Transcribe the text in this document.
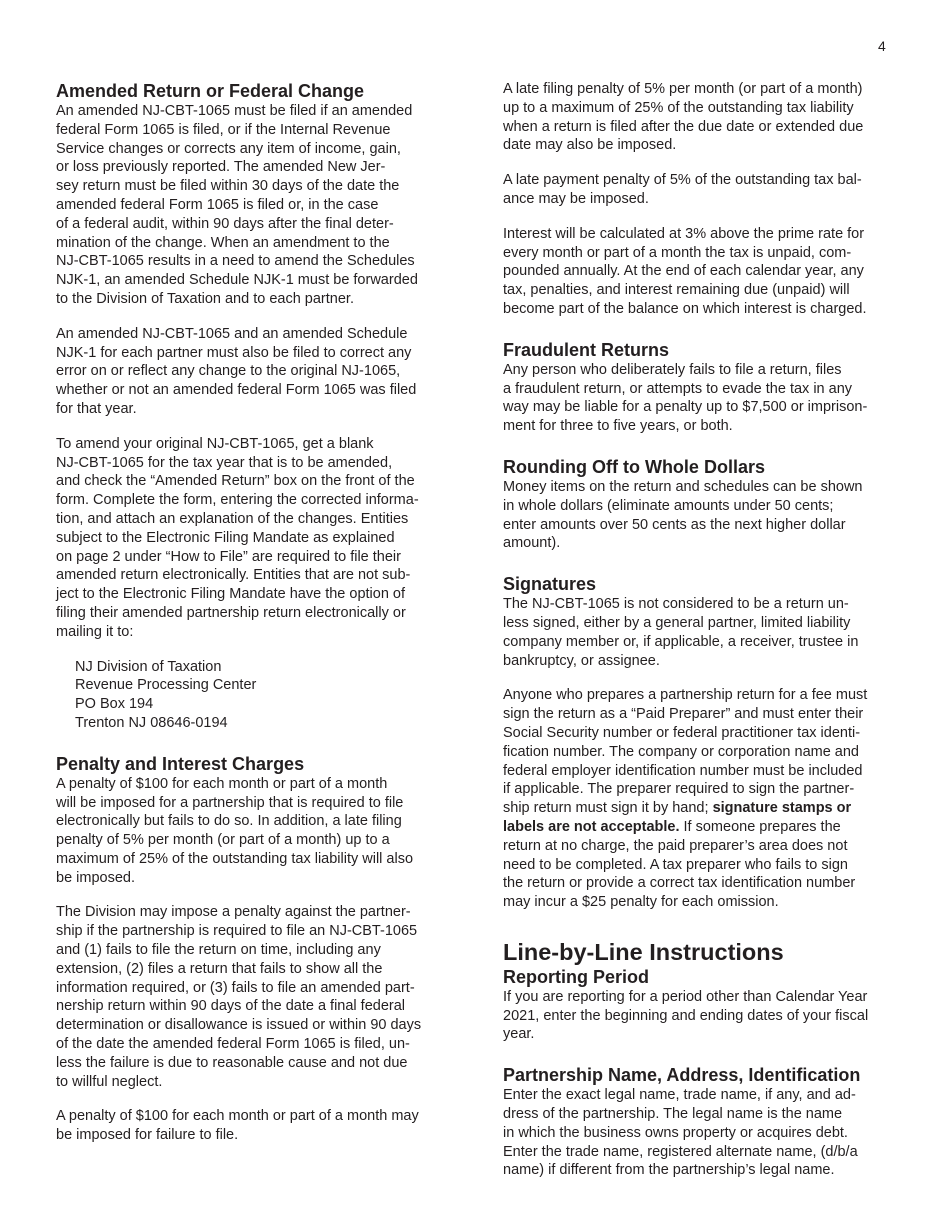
4
Amended Return or Federal Change

An amended NJ-CBT-1065 must be filed if an amended
federal Form 1065 is filed, or if the Internal Revenue
Service changes or corrects any item of income, gain,
or loss previously reported. The amended New Jer-
sey return must be filed within 30 days of the date the
amended federal Form 1065 is filed or, in the case
of a federal audit, within 90 days after the final deter-
mination of the change. When an amendment to the
NJ-CBT-1065 results in a need to amend the Schedules
NJK-1, an amended Schedule NJK-1 must be forwarded
to the Division of Taxation and to each partner.

An amended NJ-CBT-1065 and an amended Schedule
NJK-1 for each partner must also be filed to correct any
error on or reflect any change to the original NJ-1065,
whether or not an amended federal Form 1065 was filed
for that year.

To amend your original NJ-CBT-1065, get a blank
NJ-CBT-1065 for the tax year that is to be amended,
and check the “Amended Return” box on the front of the
form. Complete the form, entering the corrected informa-
tion, and attach an explanation of the changes. Entities
subject to the Electronic Filing Mandate as explained
on page 2 under “How to File” are required to file their
amended return electronically. Entities that are not sub-
ject to the Electronic Filing Mandate have the option of
filing their amended partnership return electronically or
mailing it to:

NJ Division of Taxation
Revenue Processing Center
PO Box 194
Trenton NJ 08646-0194

Penalty and Interest Charges

A penalty of $100 for each month or part of a month
will be imposed for a partnership that is required to file
electronically but fails to do so. In addition, a late filing
penalty of 5% per month (or part of a month) up to a
maximum of 25% of the outstanding tax liability will also
be imposed.

The Division may impose a penalty against the partner-
ship if the partnership is required to file an NJ-CBT-1065
and (1) fails to file the return on time, including any
extension, (2) files a return that fails to show all the
information required, or (3) fails to file an amended part-
nership return within 90 days of the date a final federal
determination or disallowance is issued or within 90 days
of the date the amended federal Form 1065 is filed, un-
less the failure is due to reasonable cause and not due
to willful neglect.

A penalty of $100 for each month or part of a month may
be imposed for failure to file.

A late filing penalty of 5% per month (or part of a month)
up to a maximum of 25% of the outstanding tax liability
when a return is filed after the due date or extended due
date may also be imposed.

A late payment penalty of 5% of the outstanding tax bal-
ance may be imposed.

Interest will be calculated at 3% above the prime rate for
every month or part of a month the tax is unpaid, com-
pounded annually. At the end of each calendar year, any
tax, penalties, and interest remaining due (unpaid) will
become part of the balance on which interest is charged.

Fraudulent Returns

Any person who deliberately fails to file a return, files
a fraudulent return, or attempts to evade the tax in any
way may be liable for a penalty up to $7,500 or imprison-
ment for three to five years, or both.

Rounding Off to Whole Dollars

Money items on the return and schedules can be shown
in whole dollars (eliminate amounts under 50 cents;
enter amounts over 50 cents as the next higher dollar
amount).

Signatures

The NJ-CBT-1065 is not considered to be a return un-
less signed, either by a general partner, limited liability
company member or, if applicable, a receiver, trustee in
bankruptcy, or assignee.

Anyone who prepares a partnership return for a fee must
sign the return as a “Paid Preparer” and must enter their
Social Security number or federal practitioner tax identi-
fication number. The company or corporation name and
federal employer identification number must be included
if applicable. The preparer required to sign the partner-
ship return must sign it by hand; signature stamps or
labels are not acceptable. If someone prepares the
return at no charge, the paid preparer’s area does not
need to be completed. A tax preparer who fails to sign
the return or provide a correct tax identification number
may incur a $25 penalty for each omission.

Line-by-Line Instructions
Reporting Period

If you are reporting for a period other than Calendar Year
2021, enter the beginning and ending dates of your fiscal
year.

Partnership Name, Address, Identification

Enter the exact legal name, trade name, if any, and ad-
dress of the partnership. The legal name is the name
in which the business owns property or acquires debt.
Enter the trade name, registered alternate name, (d/b/a
name) if different from the partnership’s legal name.
